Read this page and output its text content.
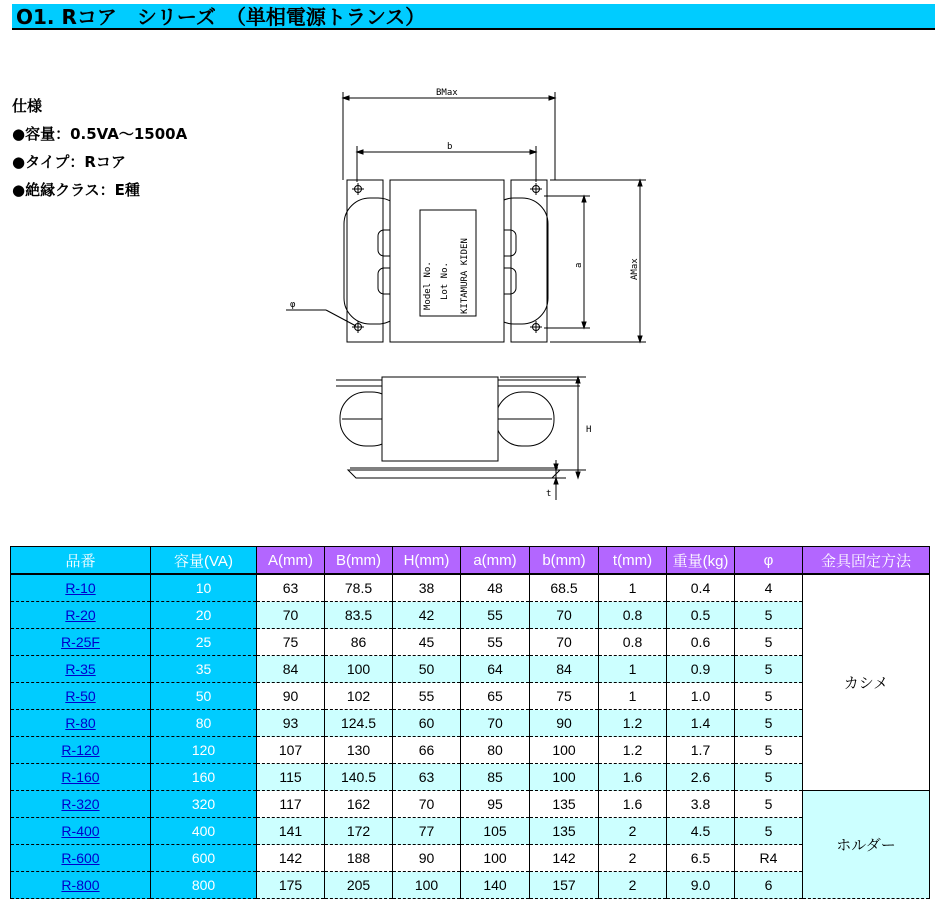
O1. Rコア　シリーズ　（単相電源トランス）
仕様
●容量：0.5VA～1500A
●タイプ：Rコア
●絶縁クラス：E種
BMax
b
Model No. Lot No. KITAMURA KIDEN
φ
a	AMax
H
t
品番	容量(VA)	A(mm)	B(mm)	H(mm)	a(mm)	b(mm)	t(mm)	重量(kg)	φ	金具固定方法
R-10	10	63	78.5	38	48	68.5	1	0.4	4	カシメ
R-20	20	70	83.5	42	55	70	0.8	0.5	5	
R-25F	25	75	86	45	55	70	0.8	0.6	5	
R-35	35	84	100	50	64	84	1	0.9	5	
R-50	50	90	102	55	65	75	1	1.0	5	
R-80	80	93	124.5	60	70	90	1.2	1.4	5	
R-120	120	107	130	66	80	100	1.2	1.7	5	
R-160	160	115	140.5	63	85	100	1.6	2.6	5	
R-320	320	117	162	70	95	135	1.6	3.8	5	ホルダー
R-400	400	141	172	77	105	135	2	4.5	5	
R-600	600	142	188	90	100	142	2	6.5	R4	
R-800	800	175	205	100	140	157	2	9.0	6	
